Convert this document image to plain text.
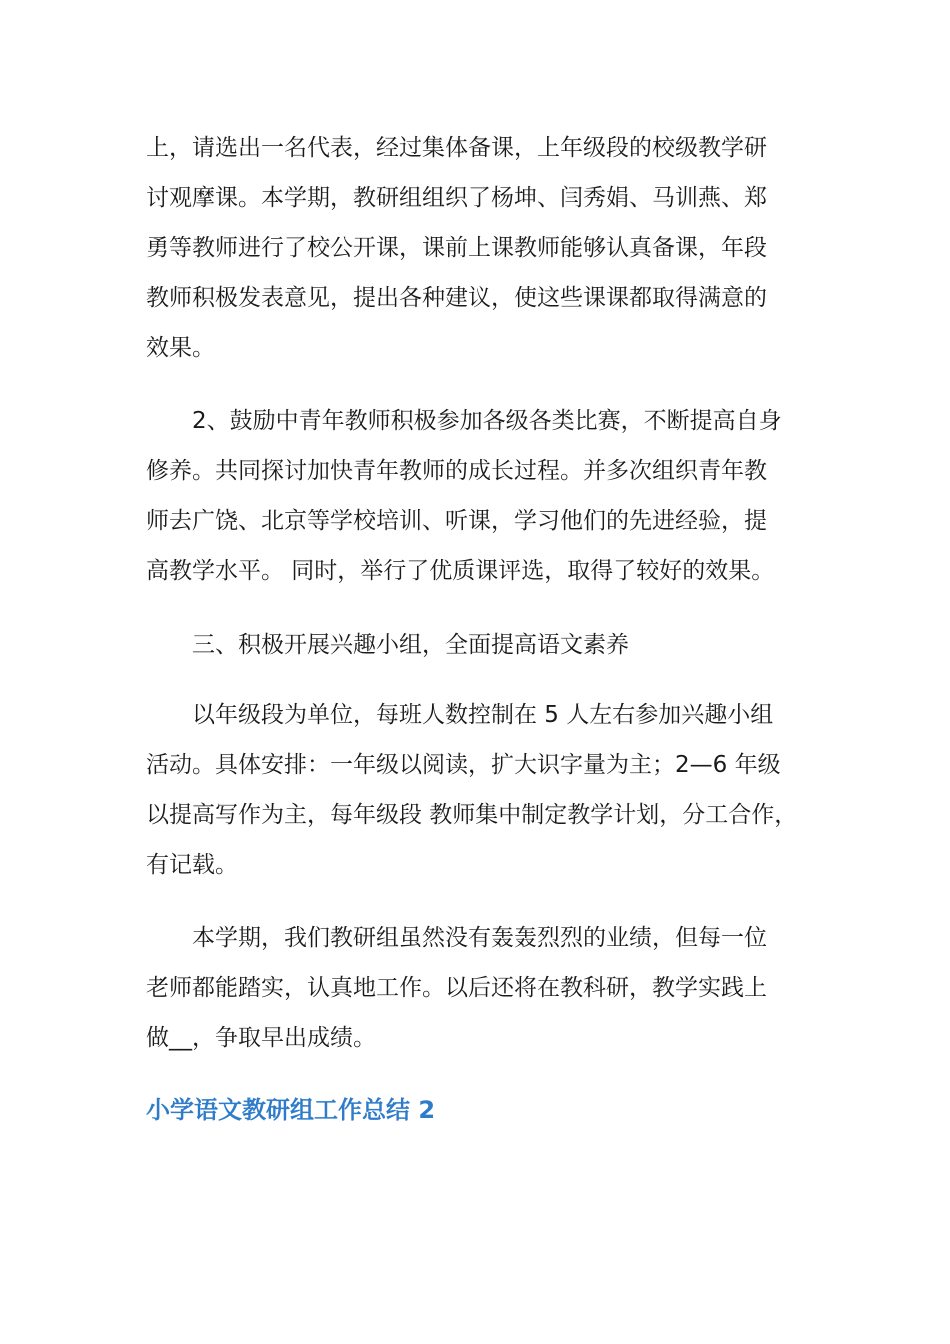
上，请选出一名代表，经过集体备课，上年级段的校级教学研
讨观摩课。本学期，教研组组织了杨坤、闫秀娟、马训燕、郑
勇等教师进行了校公开课，课前上课教师能够认真备课，年段
教师积极发表意见，提出各种建议，使这些课课都取得满意的
效果。

2、鼓励中青年教师积极参加各级各类比赛，不断提高自身
修养。共同探讨加快青年教师的成长过程。并多次组织青年教
师去广饶、北京等学校培训、听课，学习他们的先进经验，提
高教学水平。 同时，举行了优质课评选，取得了较好的效果。

三、积极开展兴趣小组，全面提高语文素养

以年级段为单位，每班人数控制在 5 人左右参加兴趣小组
活动。具体安排：一年级以阅读，扩大识字量为主；2—6 年级
以提高写作为主，每年级段 教师集中制定教学计划，分工合作，
有记载。

本学期，我们教研组虽然没有轰轰烈烈的业绩，但每一位
老师都能踏实，认真地工作。以后还将在教科研，教学实践上
做__，争取早出成绩。

小学语文教研组工作总结 2
